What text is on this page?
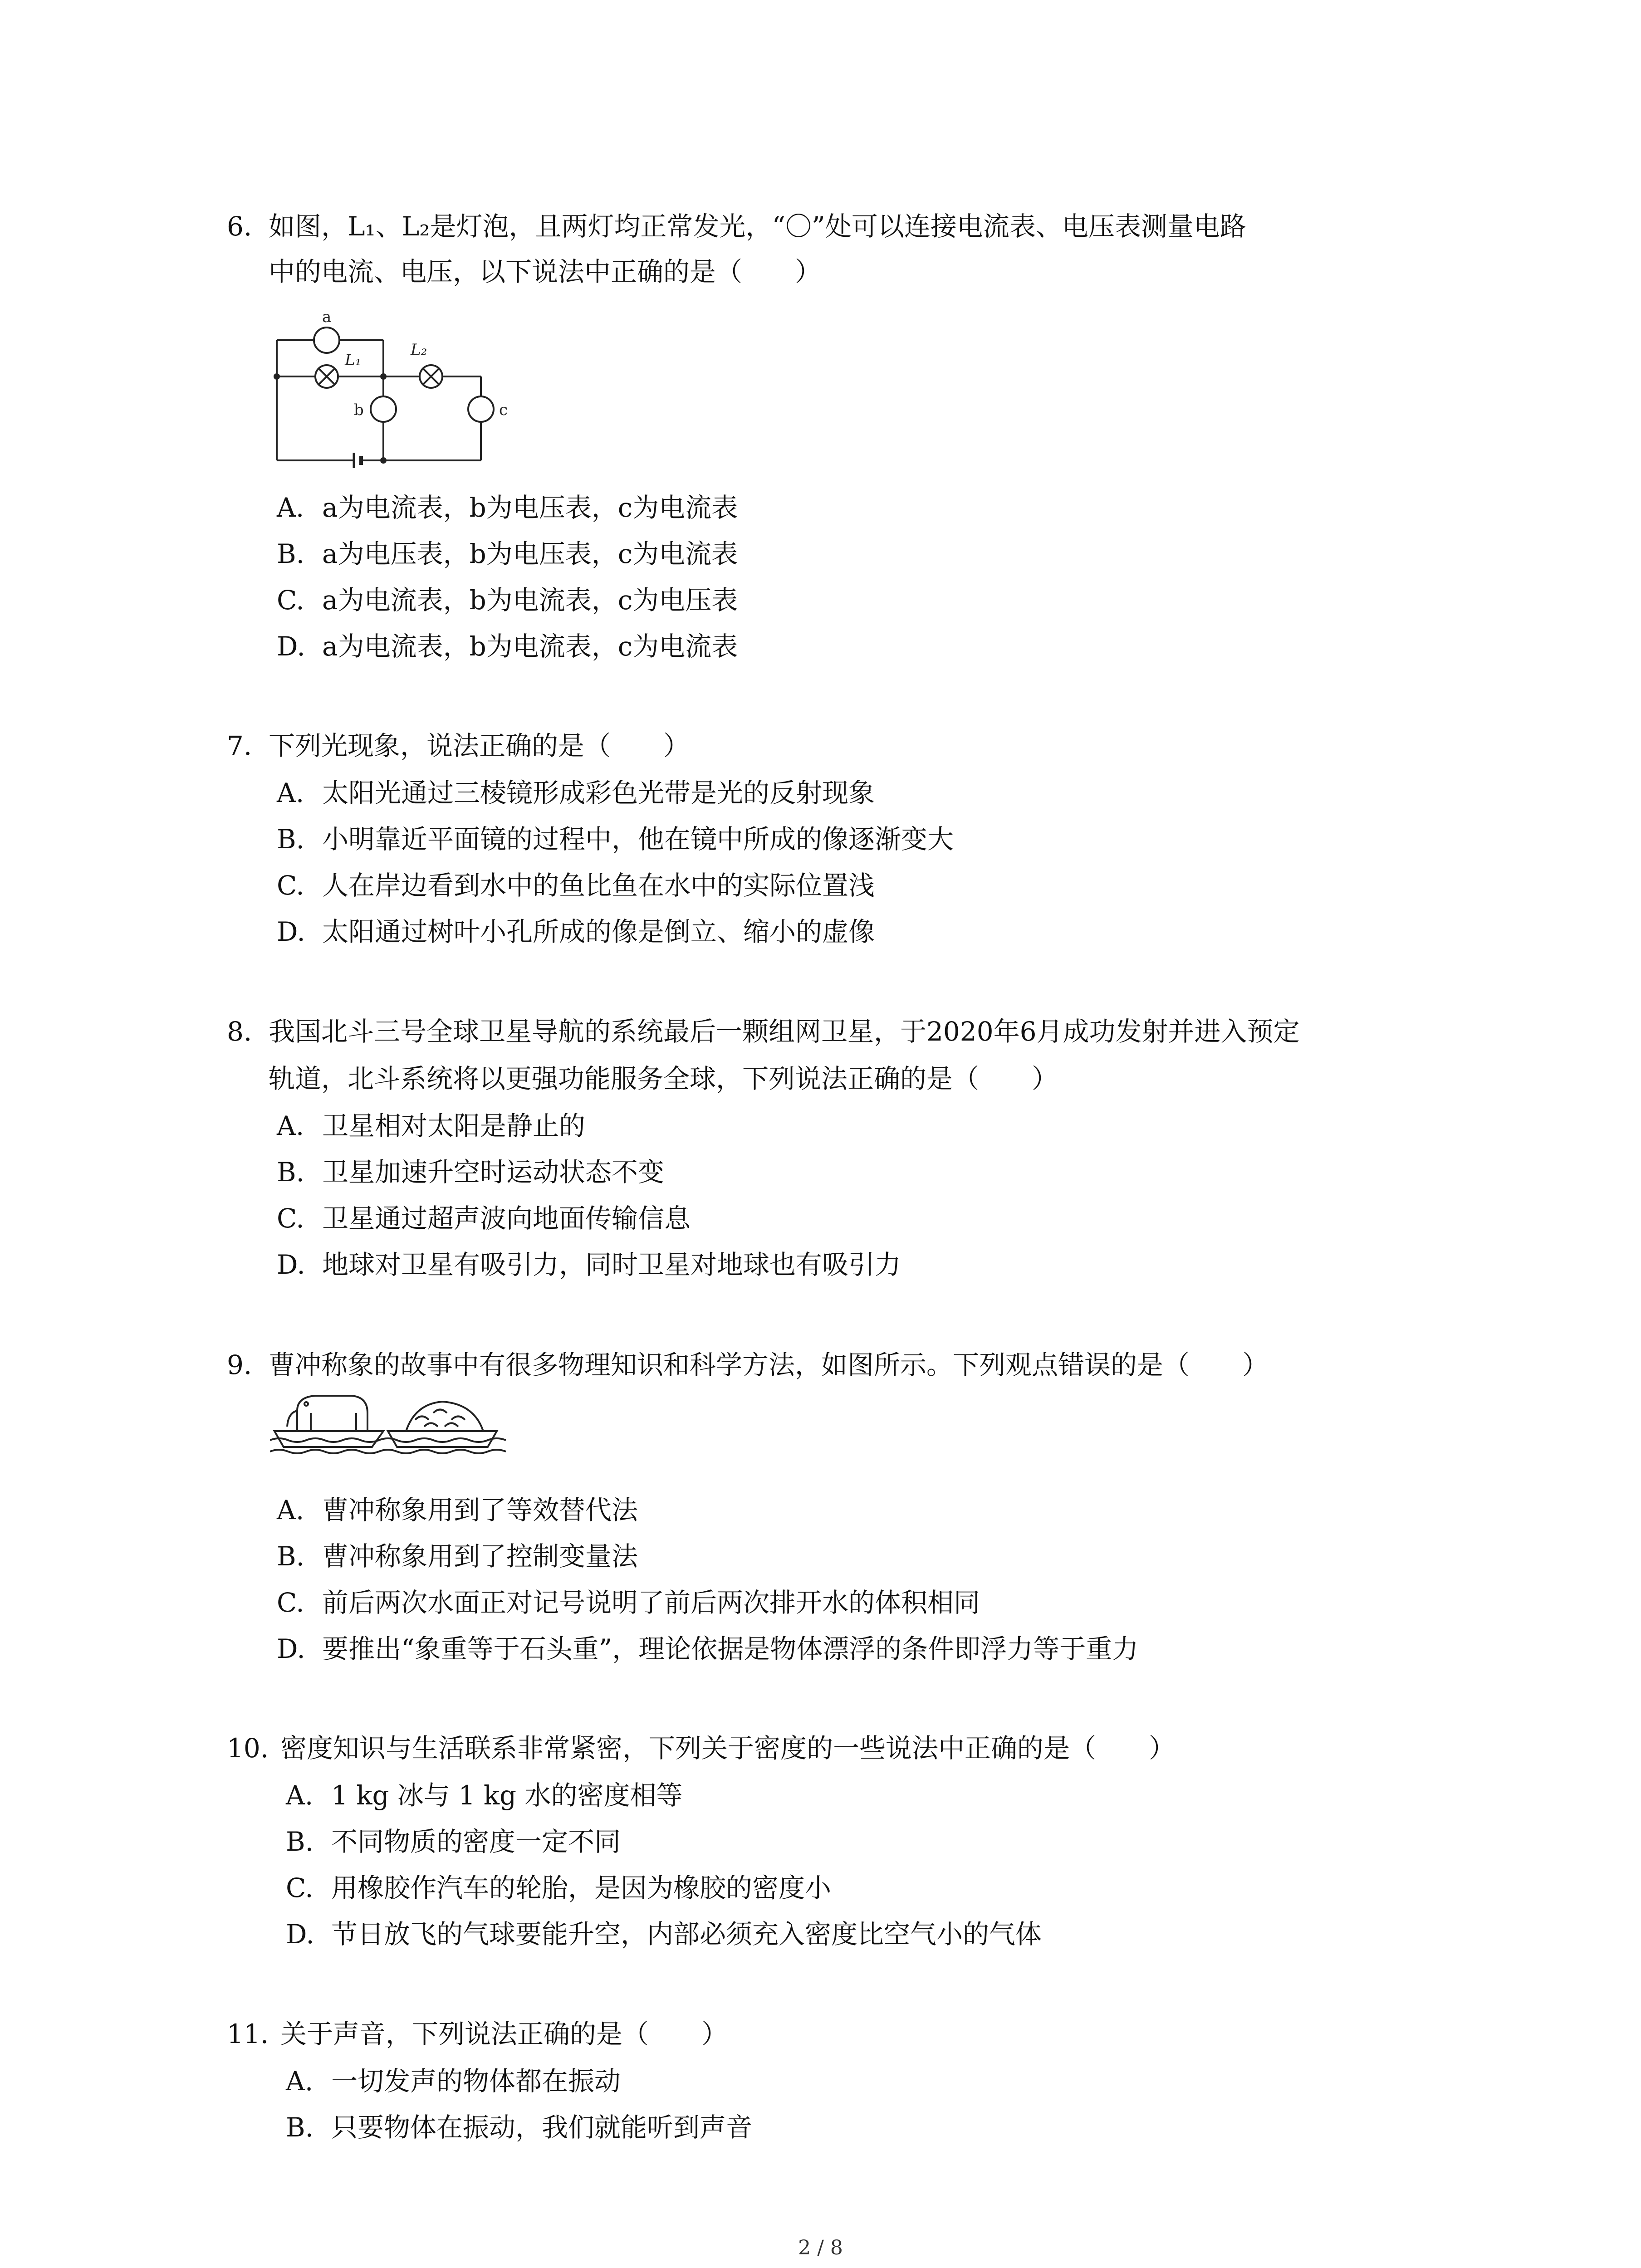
6. 如图，L₁、L₂是灯泡，且两灯均正常发光，“〇”处可以连接电流表、电压表测量电路
中的电流、电压，以下说法中正确的是（　　）
a
L₁
L₂
b	c
A. a为电流表，b为电压表，c为电流表
B. a为电压表，b为电压表，c为电流表
C. a为电流表，b为电流表，c为电压表
D. a为电流表，b为电流表，c为电流表
7. 下列光现象，说法正确的是（　　）
A. 太阳光通过三棱镜形成彩色光带是光的反射现象
B. 小明靠近平面镜的过程中，他在镜中所成的像逐渐变大
C. 人在岸边看到水中的鱼比鱼在水中的实际位置浅
D. 太阳通过树叶小孔所成的像是倒立、缩小的虚像
8. 我国北斗三号全球卫星导航的系统最后一颗组网卫星，于2020年6月成功发射并进入预定
轨道，北斗系统将以更强功能服务全球，下列说法正确的是（　　）
A. 卫星相对太阳是静止的
B. 卫星加速升空时运动状态不变
C. 卫星通过超声波向地面传输信息
D. 地球对卫星有吸引力，同时卫星对地球也有吸引力
9. 曹冲称象的故事中有很多物理知识和科学方法，如图所示。下列观点错误的是（　　）
A. 曹冲称象用到了等效替代法
B. 曹冲称象用到了控制变量法
C. 前后两次水面正对记号说明了前后两次排开水的体积相同
D. 要推出“象重等于石头重”，理论依据是物体漂浮的条件即浮力等于重力
10. 密度知识与生活联系非常紧密，下列关于密度的一些说法中正确的是（　　）
A. 1 kg 冰与 1 kg 水的密度相等
B. 不同物质的密度一定不同
C. 用橡胶作汽车的轮胎，是因为橡胶的密度小
D. 节日放飞的气球要能升空，内部必须充入密度比空气小的气体
11. 关于声音，下列说法正确的是（　　）
A. 一切发声的物体都在振动
B. 只要物体在振动，我们就能听到声音
2 / 8
